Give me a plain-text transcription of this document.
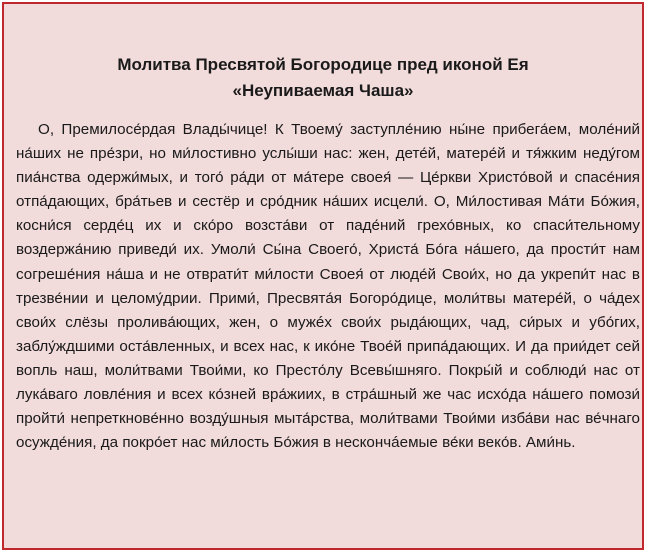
Молитва Пресвятой Богородице пред иконой Ея
«Неупиваемая Чаша»

О, Премилосе́рдая Влады́чице! К Твоему́ заступле́нию ны́не прибега́ем, моле́ний на́ших не пре́зри, но ми́лостивно услы́ши нас: жен, дете́й, матере́й и тя́жким неду́гом пиа́нства одержи́мых, и того́ ра́ди от ма́тере своея́ — Це́ркви Христо́вой и спасе́ния отпа́дающих, бра́тьев и сестёр и сро́дник на́ших исцели́. О, Ми́лостивая Ма́ти Бо́жия, косни́ся серде́ц их и ско́ро возста́ви от паде́ний грехо́вных, ко спаси́тельному воздержа́нию приведи́ их. Умоли́ Сы́на Своего́, Христа́ Бо́га на́шего, да прости́т нам согреше́ния на́ша и не отврати́т ми́лости Своея́ от люде́й Свои́х, но да укрепи́т нас в трезве́нии и целому́дрии. Прими́, Пресвята́я Богоро́дице, моли́твы матере́й, о ча́дех свои́х слёзы пролива́ющих, жен, о мужéх свои́х рыда́ющих, чад, си́рых и убо́гих, заблу́ждшими оста́вленных, и всех нас, к ико́не Твое́й припа́дающих. И да прии́дет сей вопль наш, моли́твами Твои́ми, ко Престо́лу Всевы́шняго. Покры́й и соблюди́ нас от лука́ваго ловле́ния и всех ко́зней вра́жиих, в стра́шный же час исхо́да на́шего помози́ пройти́ непреткнове́нно возду́шныя мыта́рства, моли́твами Твои́ми изба́ви нас ве́чнаго осужде́ния, да покро́ет нас ми́лость Бо́жия в нескончáемые ве́ки веко́в. Ами́нь.
